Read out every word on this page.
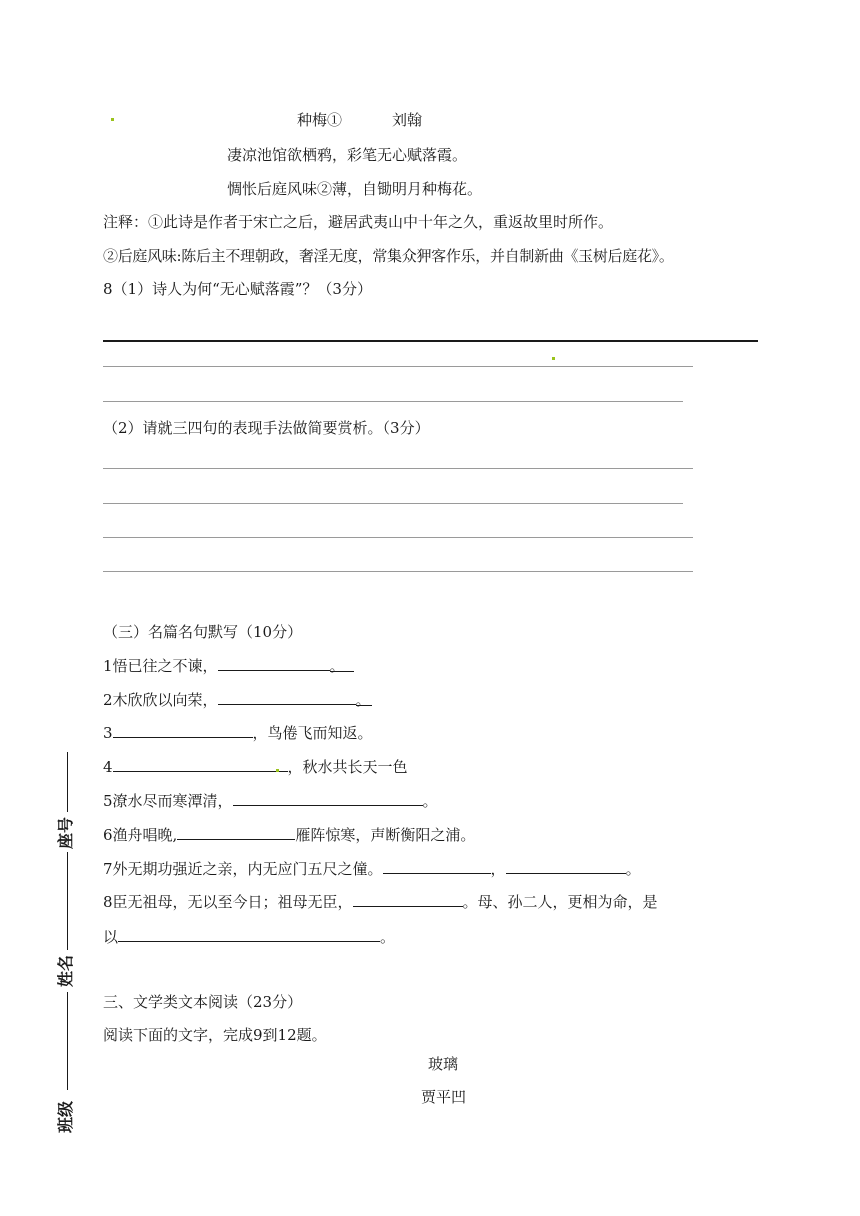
种梅①	刘翰
凄凉池馆欲栖鸦，彩笔无心赋落霞。
惆怅后庭风味②薄，自锄明月种梅花。
注释：①此诗是作者于宋亡之后，避居武夷山中十年之久，重返故里时所作。
②后庭风味:陈后主不理朝政，奢淫无度，常集众狎客作乐，并自制新曲《玉树后庭花》。
8（1）诗人为何“无心赋落霞”？（3分）
（2）请就三四句的表现手法做简要赏析。（3分）
（三）名篇名句默写（10分）
1悟已往之不谏，	。
2木欣欣以向荣，	。
3	，鸟倦飞而知返。
4	，秋水共长天一色
5潦水尽而寒潭清，	。
6渔舟唱晚,	雁阵惊寒，声断衡阳之浦。
7外无期功强近之亲，内无应门五尺之僮。	，	。
8臣无祖母，无以至今日；祖母无臣，	。母、孙二人，更相为命，是
以	。
三、文学类文本阅读（23分）
阅读下面的文字，完成9到12题。
玻璃
贾平凹
座号
姓名
班级
